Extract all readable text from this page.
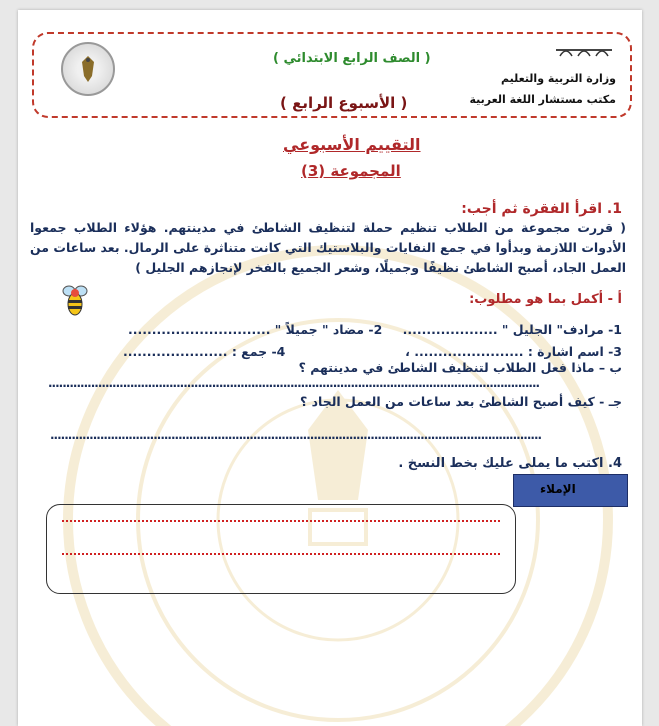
( الصف الرابع الابتدائي )
( الأسبوع الرابع )
وزارة التربية والتعليم
مكتب مستشار اللغة العربية
التقييم الأسبوعي
المجموعة (3)
1. اقرأ الفقرة ثم أجب:
( قررت مجموعة من الطلاب تنظيم حملة لتنظيف الشاطئ في مدينتهم. هؤلاء الطلاب جمعوا الأدوات اللازمة وبدأوا في جمع النفايات والبلاستيك التي كانت متناثرة على الرمال. بعد ساعات من العمل الجاد، أصبح الشاطئ نظيفًا وجميلًا، وشعر الجميع بالفخر لإنجازهم الجليل )
أ - أكمل بما هو مطلوب:
1- مرادف" الجليل " ....................
2- مضاد " جميلاً " ..............................
3- اسم اشارة : ....................... ،
4- جمع : ......................
ب – ماذا فعل الطلاب لتنظيف الشاطئ في مدينتهم ؟
..........................................................................................................................................
جـ - كيف أصبح الشاطئ بعد ساعات من العمل الجاد ؟
..........................................................................................................................................
4. اكتب ما يملى عليك بخط النسخ .
الإملاء
